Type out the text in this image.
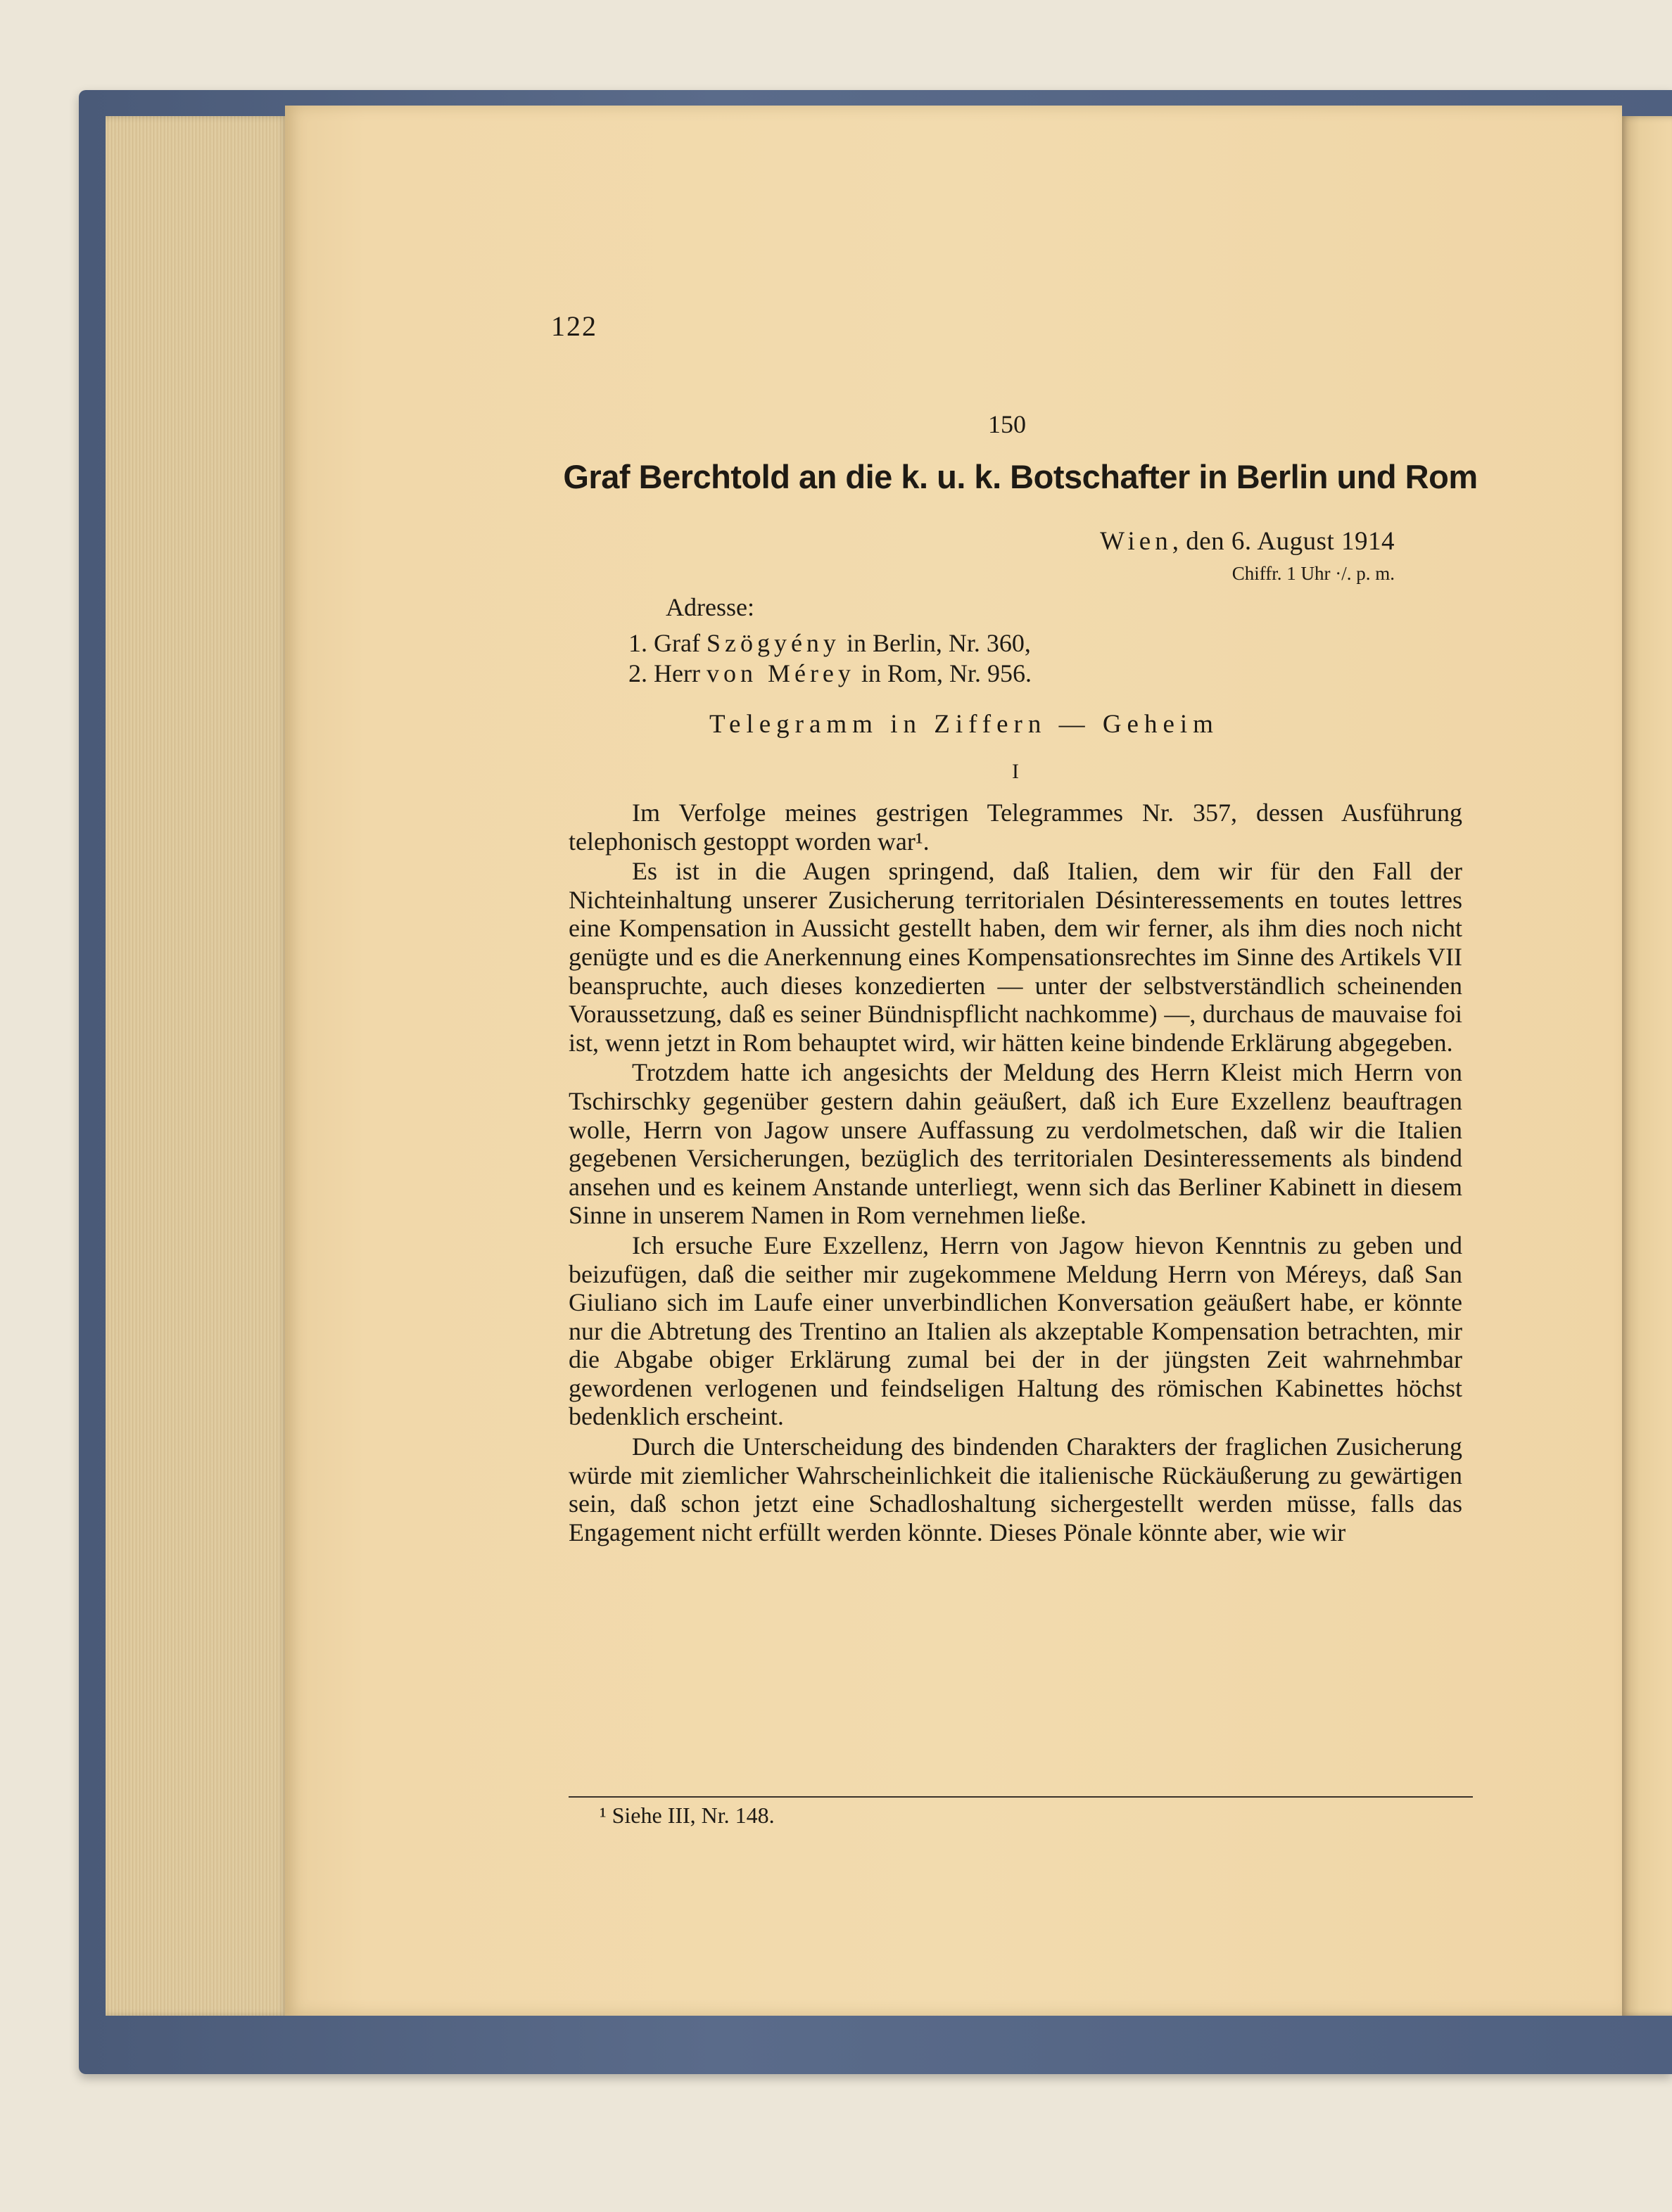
122
150
Graf Berchtold an die k. u. k. Botschafter in Berlin und Rom
Wien, den 6. August 1914
Chiffr. 1 Uhr ·/. p. m.
Adresse:
1. Graf Szögyény in Berlin, Nr. 360,
2. Herr von Mérey in Rom, Nr. 956.
Telegramm in Ziffern — Geheim
I

Im Verfolge meines gestrigen Telegrammes Nr. 357, dessen Ausführung telephonisch gestoppt worden war¹.

Es ist in die Augen springend, daß Italien, dem wir für den Fall der Nichteinhaltung unserer Zusicherung territorialen Désinteressements en toutes lettres eine Kompensation in Aussicht gestellt haben, dem wir ferner, als ihm dies noch nicht genügte und es die Anerkennung eines Kompensationsrechtes im Sinne des Artikels VII beanspruchte, auch dieses konzedierten — unter der selbstverständlich scheinenden Voraussetzung, daß es seiner Bündnispflicht nachkomme) —, durchaus de mauvaise foi ist, wenn jetzt in Rom behauptet wird, wir hätten keine bindende Erklärung abgegeben.

Trotzdem hatte ich angesichts der Meldung des Herrn Kleist mich Herrn von Tschirschky gegenüber gestern dahin geäußert, daß ich Eure Exzellenz beauftragen wolle, Herrn von Jagow unsere Auffassung zu verdolmetschen, daß wir die Italien gegebenen Versicherungen, bezüglich des territorialen Desinteressements als bindend ansehen und es keinem Anstande unterliegt, wenn sich das Berliner Kabinett in diesem Sinne in unserem Namen in Rom vernehmen ließe.

Ich ersuche Eure Exzellenz, Herrn von Jagow hievon Kenntnis zu geben und beizufügen, daß die seither mir zugekommene Meldung Herrn von Méreys, daß San Giuliano sich im Laufe einer unverbindlichen Konversation geäußert habe, er könnte nur die Abtretung des Trentino an Italien als akzeptable Kompensation betrachten, mir die Abgabe obiger Erklärung zumal bei der in der jüngsten Zeit wahrnehmbar gewordenen verlogenen und feindseligen Haltung des römischen Kabinettes höchst bedenklich erscheint.

Durch die Unterscheidung des bindenden Charakters der fraglichen Zusicherung würde mit ziemlicher Wahrscheinlichkeit die italienische Rückäußerung zu gewärtigen sein, daß schon jetzt eine Schadloshaltung sichergestellt werden müsse, falls das Engagement nicht erfüllt werden könnte. Dieses Pönale könnte aber, wie wir

¹ Siehe III, Nr. 148.
